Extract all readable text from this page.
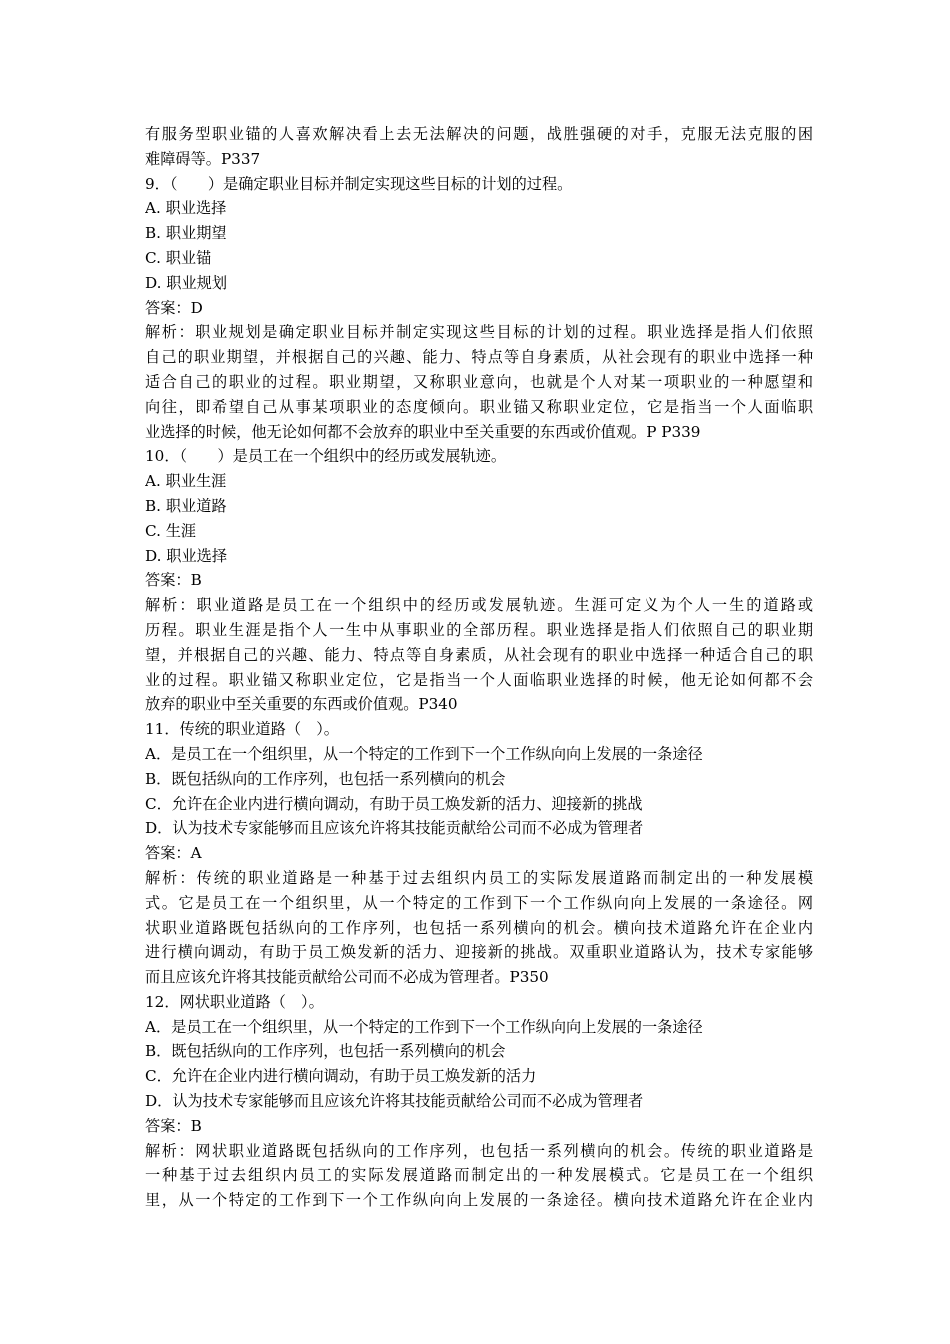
有服务型职业锚的人喜欢解决看上去无法解决的问题，战胜强硬的对手，克服无法克服的困
难障碍等。P337
9．（　　）是确定职业目标并制定实现这些目标的计划的过程。
A. 职业选择
B. 职业期望
C. 职业锚
D. 职业规划
答案：D
解析：职业规划是确定职业目标并制定实现这些目标的计划的过程。职业选择是指人们依照
自己的职业期望，并根据自己的兴趣、能力、特点等自身素质，从社会现有的职业中选择一种
适合自己的职业的过程。职业期望，又称职业意向，也就是个人对某一项职业的一种愿望和
向往，即希望自己从事某项职业的态度倾向。职业锚又称职业定位，它是指当一个人面临职
业选择的时候，他无论如何都不会放弃的职业中至关重要的东西或价值观。P P339
10．（　　）是员工在一个组织中的经历或发展轨迹。
A. 职业生涯
B. 职业道路
C. 生涯
D. 职业选择
答案：B
解析：职业道路是员工在一个组织中的经历或发展轨迹。生涯可定义为个人一生的道路或
历程。职业生涯是指个人一生中从事职业的全部历程。职业选择是指人们依照自己的职业期
望，并根据自己的兴趣、能力、特点等自身素质，从社会现有的职业中选择一种适合自己的职
业的过程。职业锚又称职业定位，它是指当一个人面临职业选择的时候，他无论如何都不会
放弃的职业中至关重要的东西或价值观。P340
11．传统的职业道路（　）。
A．是员工在一个组织里，从一个特定的工作到下一个工作纵向向上发展的一条途径
B．既包括纵向的工作序列，也包括一系列横向的机会
C．允许在企业内进行横向调动，有助于员工焕发新的活力、迎接新的挑战
D．认为技术专家能够而且应该允许将其技能贡献给公司而不必成为管理者
答案：A
解析：传统的职业道路是一种基于过去组织内员工的实际发展道路而制定出的一种发展模
式。它是员工在一个组织里，从一个特定的工作到下一个工作纵向向上发展的一条途径。网
状职业道路既包括纵向的工作序列，也包括一系列横向的机会。横向技术道路允许在企业内
进行横向调动，有助于员工焕发新的活力、迎接新的挑战。双重职业道路认为，技术专家能够
而且应该允许将其技能贡献给公司而不必成为管理者。P350
12．网状职业道路（　）。
A．是员工在一个组织里，从一个特定的工作到下一个工作纵向向上发展的一条途径
B．既包括纵向的工作序列，也包括一系列横向的机会
C．允许在企业内进行横向调动，有助于员工焕发新的活力
D．认为技术专家能够而且应该允许将其技能贡献给公司而不必成为管理者
答案：B
解析：网状职业道路既包括纵向的工作序列，也包括一系列横向的机会。传统的职业道路是
一种基于过去组织内员工的实际发展道路而制定出的一种发展模式。它是员工在一个组织
里，从一个特定的工作到下一个工作纵向向上发展的一条途径。横向技术道路允许在企业内
